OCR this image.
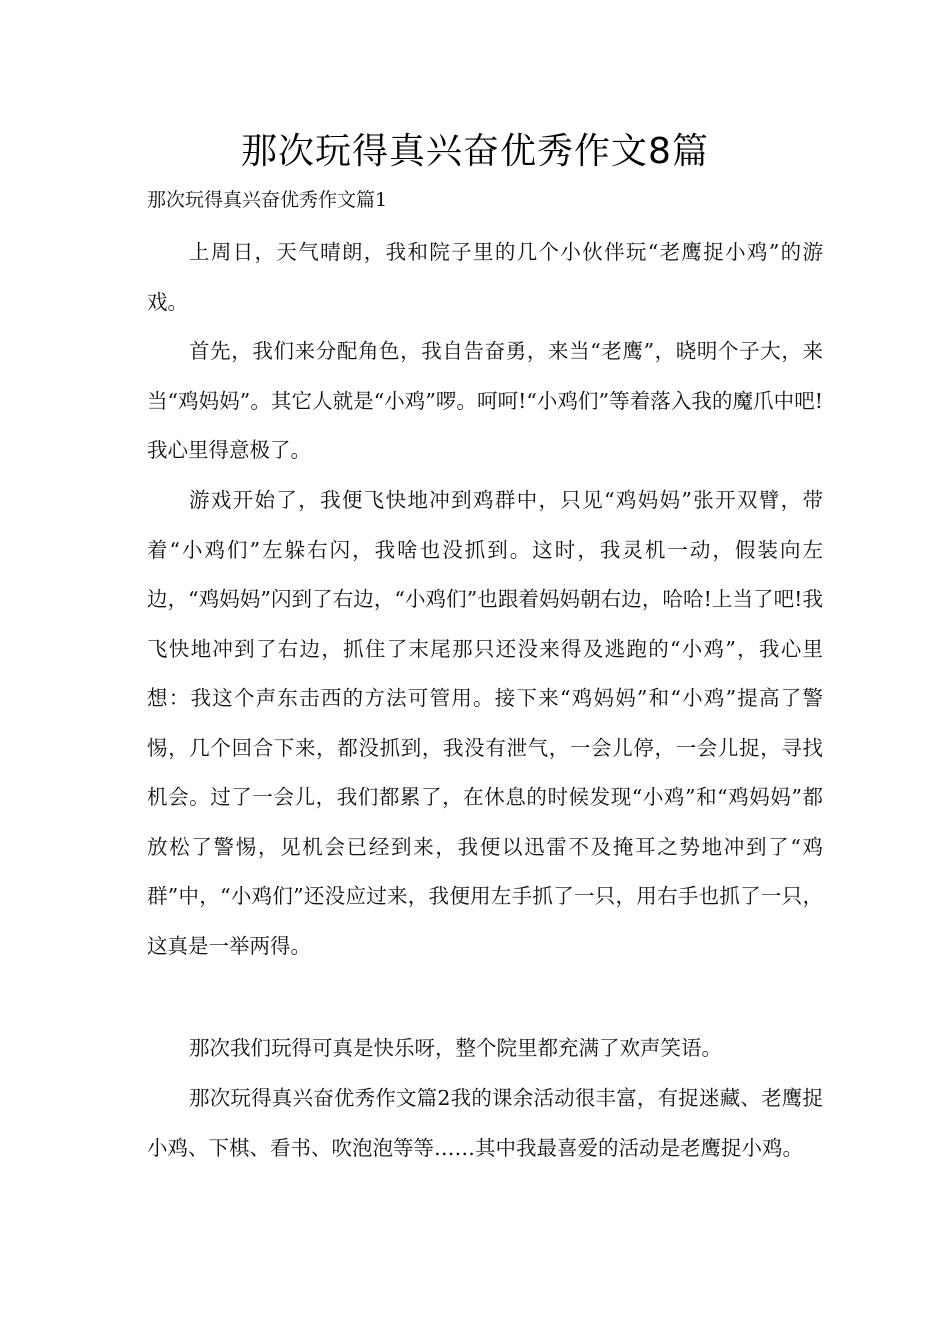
那次玩得真兴奋优秀作文8篇

那次玩得真兴奋优秀作文篇1

上周日，天气晴朗，我和院子里的几个小伙伴玩“老鹰捉小鸡”的游戏。

首先，我们来分配角色，我自告奋勇，来当“老鹰”，晓明个子大，来当“鸡妈妈”。其它人就是“小鸡”啰。呵呵!“小鸡们”等着落入我的魔爪中吧!我心里得意极了。

游戏开始了，我便飞快地冲到鸡群中，只见“鸡妈妈”张开双臂，带着“小鸡们”左躲右闪，我啥也没抓到。这时，我灵机一动，假装向左边，“鸡妈妈”闪到了右边，“小鸡们”也跟着妈妈朝右边，哈哈!上当了吧!我飞快地冲到了右边，抓住了末尾那只还没来得及逃跑的“小鸡”，我心里想：我这个声东击西的方法可管用。接下来“鸡妈妈”和“小鸡”提高了警惕，几个回合下来，都没抓到，我没有泄气，一会儿停，一会儿捉，寻找机会。过了一会儿，我们都累了，在休息的时候发现“小鸡”和“鸡妈妈”都放松了警惕，见机会已经到来，我便以迅雷不及掩耳之势地冲到了“鸡群”中，“小鸡们”还没应过来，我便用左手抓了一只，用右手也抓了一只，这真是一举两得。

那次我们玩得可真是快乐呀，整个院里都充满了欢声笑语。

那次玩得真兴奋优秀作文篇2我的课余活动很丰富，有捉迷藏、老鹰捉小鸡、下棋、看书、吹泡泡等等……其中我最喜爱的活动是老鹰捉小鸡。
